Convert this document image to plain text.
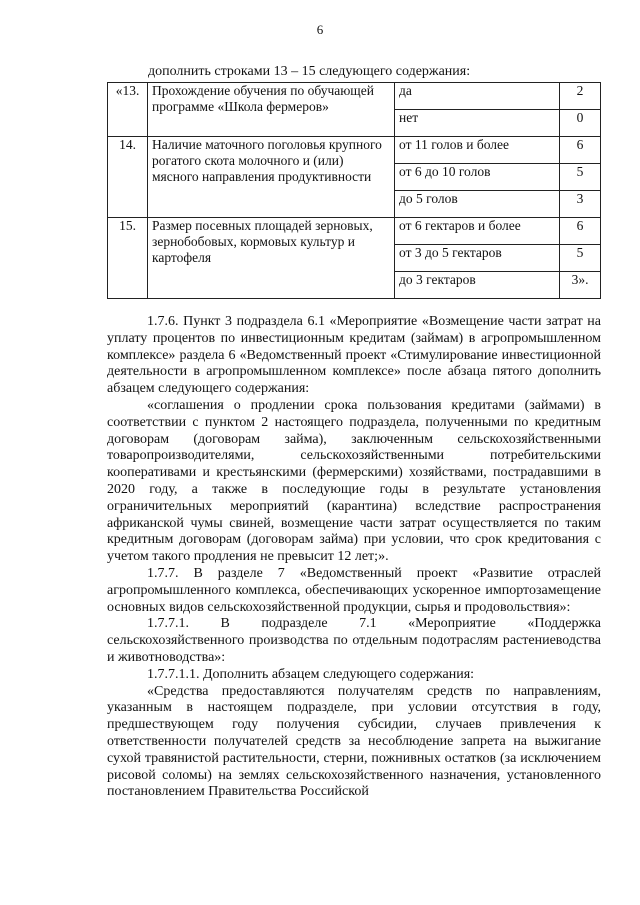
6
дополнить строками 13 – 15 следующего содержания:
«13.	Прохождение обучения по обучающей программе «Школа фермеров»	да	2
		нет	0
14.	Наличие маточного поголовья крупного рогатого скота молочного и (или) мясного направления продуктивности	от 11 голов и более	6
		от 6 до 10 голов	5
		до 5 голов	3
15.	Размер посевных площадей зерновых, зернобобовых, кормовых культур и картофеля	от 6 гектаров и более	6
		от 3 до 5 гектаров	5
		до 3 гектаров	3».

1.7.6. Пункт 3 подраздела 6.1 «Мероприятие «Возмещение части затрат на уплату процентов по инвестиционным кредитам (займам) в агропромышленном комплексе» раздела 6 «Ведомственный проект «Стимулирование инвестиционной деятельности в агропромышленном комплексе» после абзаца пятого дополнить абзацем следующего содержания:

«соглашения о продлении срока пользования кредитами (займами) в соответствии с пунктом 2 настоящего подраздела, полученными по кредитным договорам (договорам займа), заключенным сельскохозяйственными товаропроизводителями, сельскохозяйственными потребительскими кооперативами и крестьянскими (фермерскими) хозяйствами, пострадавшими в 2020 году, а также в последующие годы в результате установления ограничительных мероприятий (карантина) вследствие распространения африканской чумы свиней, возмещение части затрат осуществляется по таким кредитным договорам (договорам займа) при условии, что срок кредитования с учетом такого продления не превысит 12 лет;».

1.7.7. В разделе 7 «Ведомственный проект «Развитие отраслей агропромышленного комплекса, обеспечивающих ускоренное импортозамещение основных видов сельскохозяйственной продукции, сырья и продовольствия»:

1.7.7.1. В подразделе 7.1 «Мероприятие «Поддержка сельскохозяйственного производства по отдельным подотраслям растениеводства и животноводства»:

1.7.7.1.1. Дополнить абзацем следующего содержания:

«Средства предоставляются получателям средств по направлениям, указанным в настоящем подразделе, при условии отсутствия в году, предшествующем году получения субсидии, случаев привлечения к ответственности получателей средств за несоблюдение запрета на выжигание сухой травянистой растительности, стерни, пожнивных остатков (за исключением рисовой соломы) на землях сельскохозяйственного назначения, установленного постановлением Правительства Российской
